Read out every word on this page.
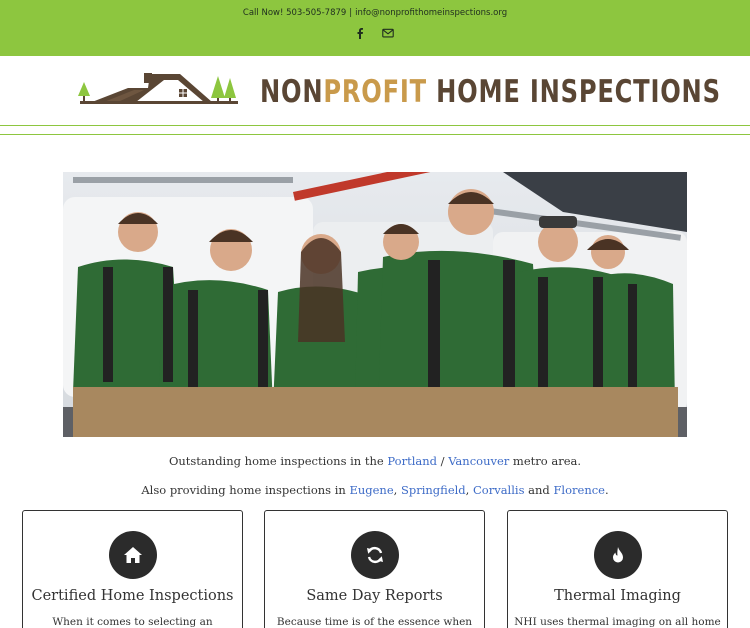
Call Now! 503-505-7879 | info@nonprofithomeinspections.org
NONPROFIT HOME INSPECTIONS
Outstanding home inspections in the Portland / Vancouver metro area.
Also providing home inspections in Eugene, Springfield, Corvallis and Florence.
Certified Home Inspections
When it comes to selecting an
Same Day Reports
Because time is of the essence when
Thermal Imaging
NHI uses thermal imaging on all home
